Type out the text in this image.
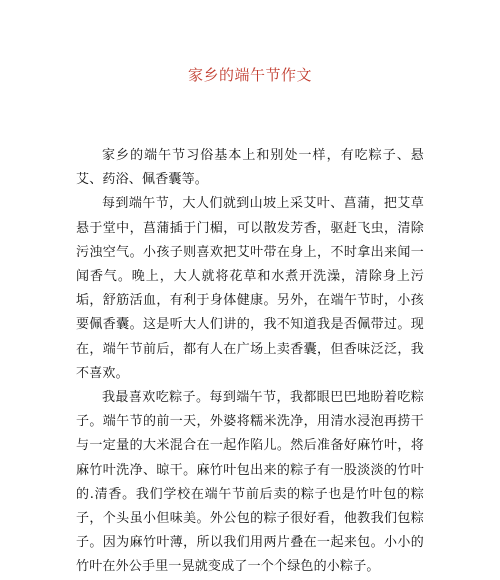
家乡的端午节作文

家乡的端午节习俗基本上和别处一样，有吃粽子、悬艾、药浴、佩香囊等。

每到端午节，大人们就到山坡上采艾叶、菖蒲，把艾草悬于堂中，菖蒲插于门楣，可以散发芳香，驱赶飞虫，清除污浊空气。小孩子则喜欢把艾叶带在身上，不时拿出来闻一闻香气。晚上，大人就将花草和水煮开洗澡，清除身上污垢，舒筋活血，有利于身体健康。另外，在端午节时，小孩要佩香囊。这是听大人们讲的，我不知道我是否佩带过。现在，端午节前后，都有人在广场上卖香囊，但香味泛泛，我不喜欢。

我最喜欢吃粽子。每到端午节，我都眼巴巴地盼着吃粽子。端午节的前一天，外婆将糯米洗净，用清水浸泡再捞干与一定量的大米混合在一起作陷儿。然后准备好麻竹叶，将麻竹叶洗净、晾干。麻竹叶包出来的粽子有一股淡淡的竹叶的.清香。我们学校在端午节前后卖的粽子也是竹叶包的粽子，个头虽小但味美。外公包的粽子很好看，他教我们包粽子。因为麻竹叶薄，所以我们用两片叠在一起来包。小小的竹叶在外公手里一晃就变成了一个个绿色的小粽子。
